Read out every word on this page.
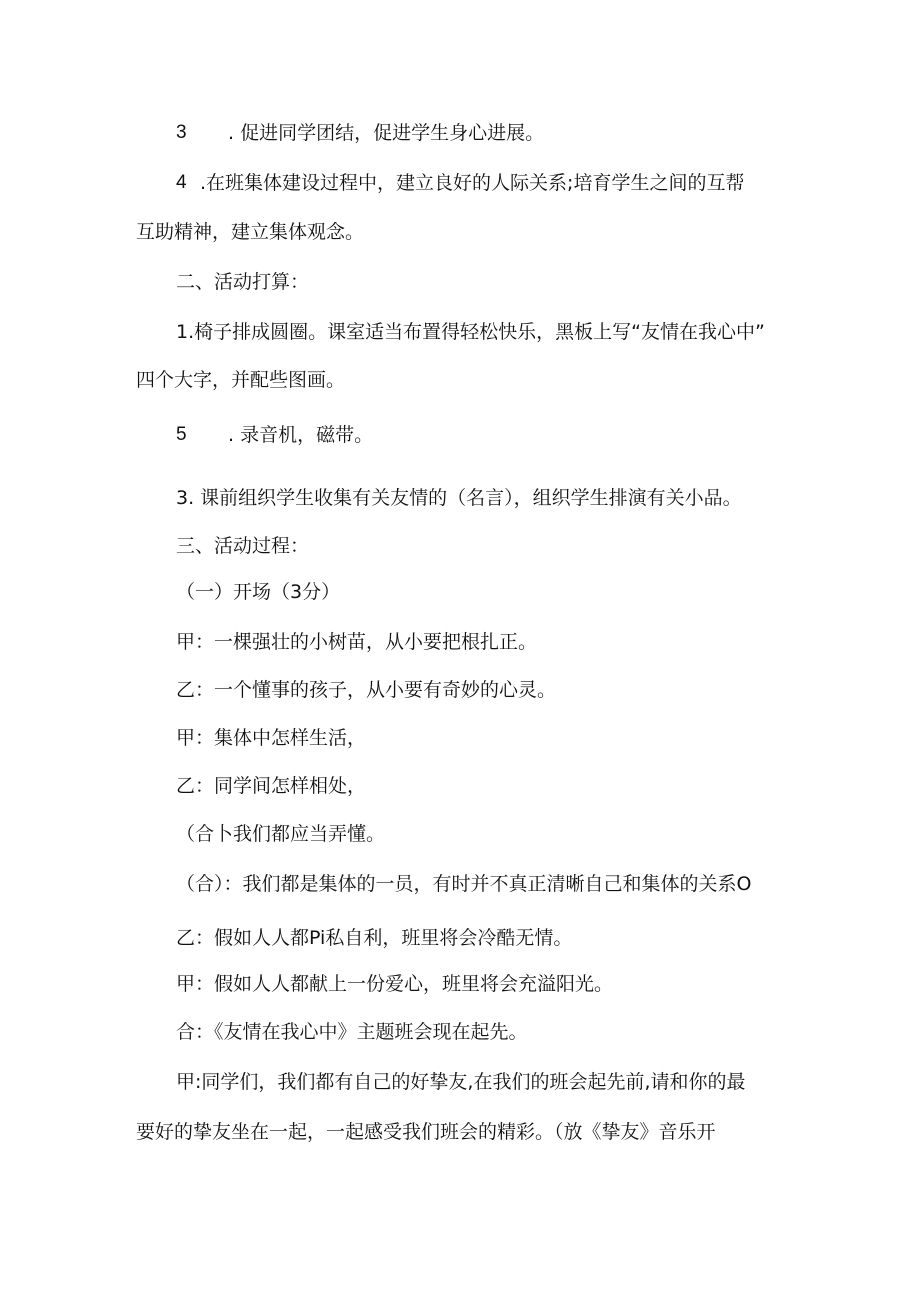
3 . 促进同学团结，促进学生身心进展。
4 .在班集体建设过程中，建立良好的人际关系;培育学生之间的互帮
互助精神，建立集体观念。
二、活动打算：
1.椅子排成圆圈。课室适当布置得轻松快乐，黑板上写“友情在我心中”
四个大字，并配些图画。
5 . 录音机，磁带。
3. 课前组织学生收集有关友情的（名言），组织学生排演有关小品。
三、活动过程：
（一）开场（3分）
甲：一棵强壮的小树苗，从小要把根扎正。
乙：一个懂事的孩子，从小要有奇妙的心灵。
甲：集体中怎样生活，
乙：同学间怎样相处，
（合卜我们都应当弄懂。
（合）：我们都是集体的一员，有时并不真正清晰自己和集体的关系O
乙：假如人人都Pi私自利，班里将会冷酷无情。
甲：假如人人都献上一份爱心，班里将会充溢阳光。
合：《友情在我心中》主题班会现在起先。
甲:同学们，我们都有自己的好挚友,在我们的班会起先前,请和你的最
要好的挚友坐在一起，一起感受我们班会的精彩。（放《挚友》音乐开
